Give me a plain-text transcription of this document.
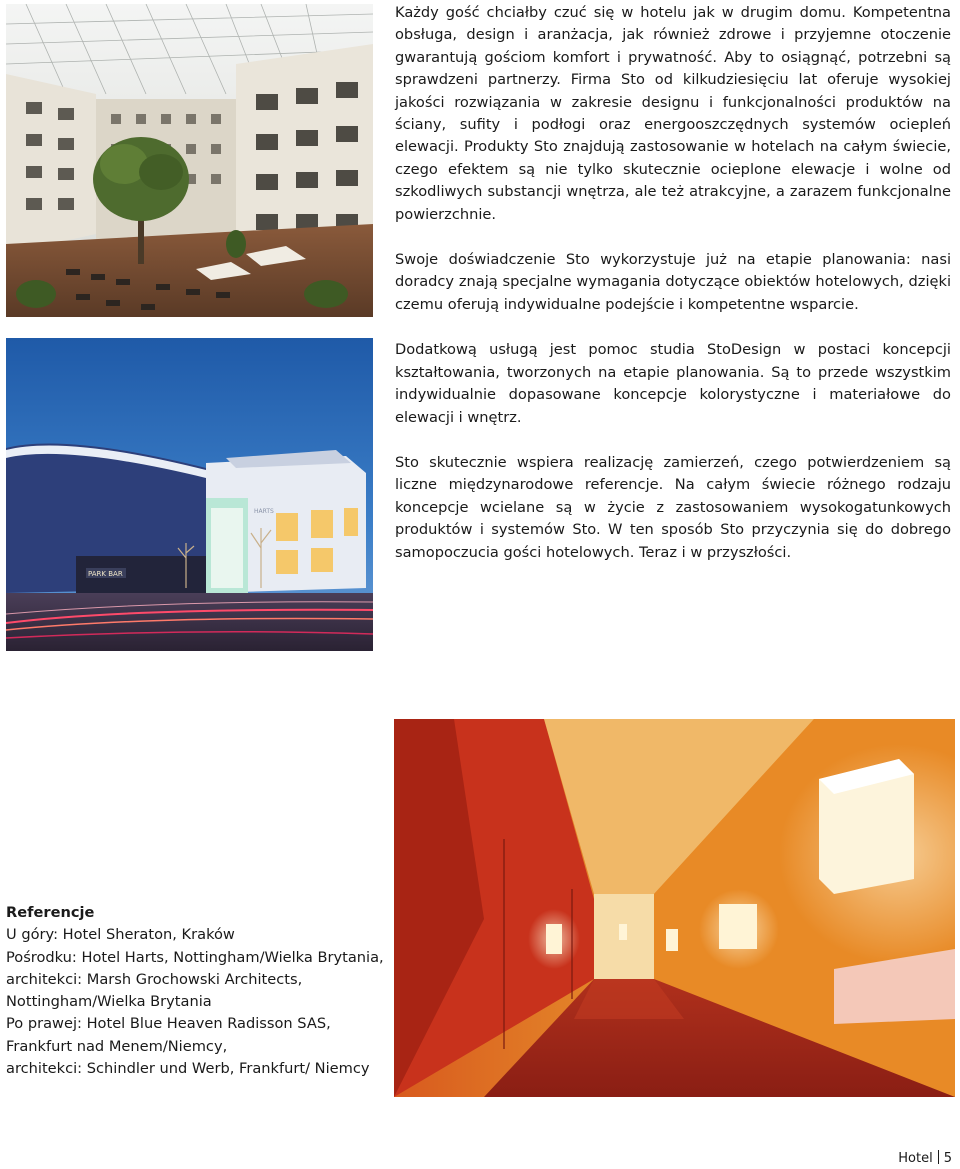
HARTS
PARK BAR

Każdy gość chciałby czuć się w hotelu jak w drugim domu. Kompetentna obsługa, design i aranżacja, jak również zdrowe i przyjemne otoczenie gwarantują gościom komfort i prywatność. Aby to osiągnąć, potrzebni są sprawdzeni partnerzy. Firma Sto od kilkudziesięciu lat oferuje wysokiej jakości rozwiązania w zakresie designu i funkcjonalności produktów na ściany, sufity i podłogi oraz energooszczędnych systemów ociepleń elewacji. Produkty Sto znajdują zastosowanie w hotelach na całym świecie, czego efektem są nie tylko skutecznie ocieplone elewacje i wolne od szkodliwych substancji wnętrza, ale też atrakcyjne, a zarazem funkcjonalne powierzchnie.

Swoje doświadczenie Sto wykorzystuje już na etapie planowania: nasi doradcy znają specjalne wymagania dotyczące obiektów hotelowych, dzięki czemu oferują indywidualne podejście i kompetentne wsparcie.

Dodatkową usługą jest pomoc studia StoDesign w postaci koncepcji kształtowania, tworzonych na etapie planowania. Są to przede wszystkim indywidualnie dopasowane koncepcje kolorystyczne i materiałowe do elewacji i wnętrz.

Sto skutecznie wspiera realizację zamierzeń, czego potwierdzeniem są liczne międzynarodowe referencje. Na całym świecie różnego rodzaju koncepcje wcielane są w życie z zastosowaniem wysokogatunkowych produktów i systemów Sto. W ten sposób Sto przyczynia się do dobrego samopoczucia gości hotelowych. Teraz i w przyszłości.

Referencje
U góry: Hotel Sheraton, Kraków
Pośrodku: Hotel Harts, Nottingham/Wielka Brytania,
architekci: Marsh Grochowski Architects,
Nottingham/Wielka Brytania
Po prawej: Hotel Blue Heaven Radisson SAS,
Frankfurt nad Menem/Niemcy,
architekci: Schindler und Werb, Frankfurt/ Niemcy
Hotel 5
